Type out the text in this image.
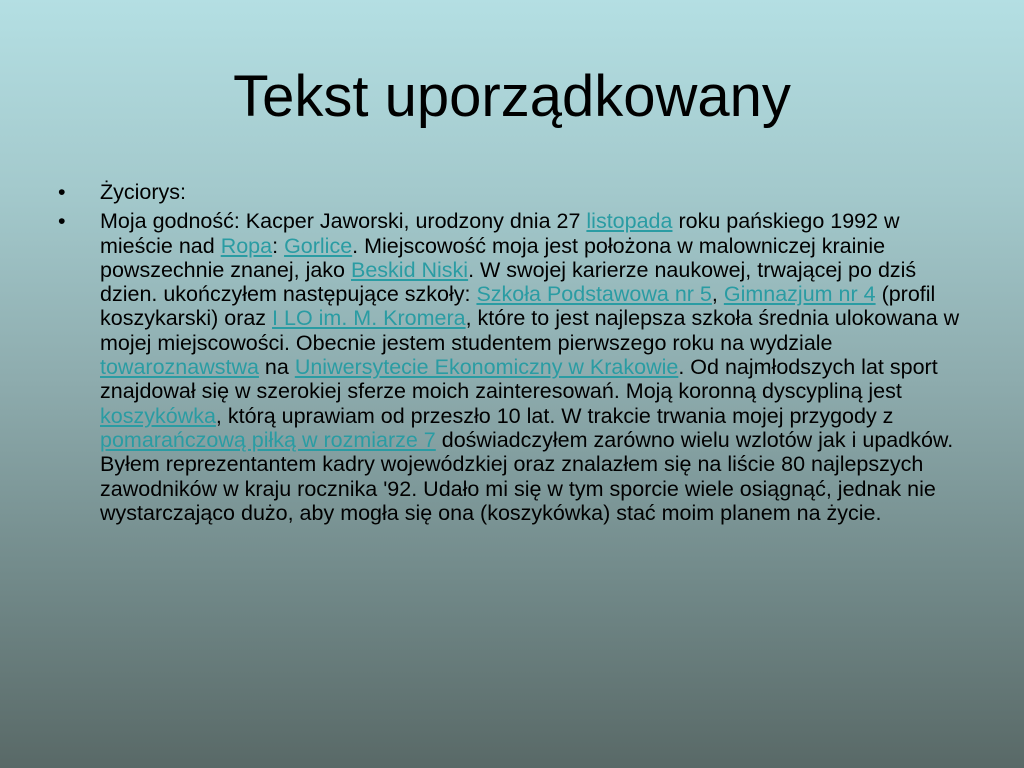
Tekst uporządkowany
• Życiorys:
• Moja godność: Kacper Jaworski, urodzony dnia 27 listopada roku pańskiego 1992 w mieście nad Ropa: Gorlice. Miejscowość moja jest położona w malowniczej krainie powszechnie znanej, jako Beskid Niski. W swojej karierze naukowej, trwającej po dziś dzien. ukończyłem następujące szkoły: Szkoła Podstawowa nr 5, Gimnazjum nr 4 (profil koszykarski) oraz I LO im. M. Kromera, które to jest najlepsza szkoła średnia ulokowana w mojej miejscowości. Obecnie jestem studentem pierwszego roku na wydziale towaroznawstwa na Uniwersytecie Ekonomiczny w Krakowie. Od najmłodszych lat sport znajdował się w szerokiej sferze moich zainteresowań. Moją koronną dyscypliną jest koszykówka, którą uprawiam od przeszło 10 lat. W trakcie trwania mojej przygody z pomarańczową piłką w rozmiarze 7 doświadczyłem zarówno wielu wzlotów jak i upadków. Byłem reprezentantem kadry wojewódzkiej oraz znalazłem się na liście 80 najlepszych zawodników w kraju rocznika '92. Udało mi się w tym sporcie wiele osiągnąć, jednak nie wystarczająco dużo, aby mogła się ona (koszykówka) stać moim planem na życie.
